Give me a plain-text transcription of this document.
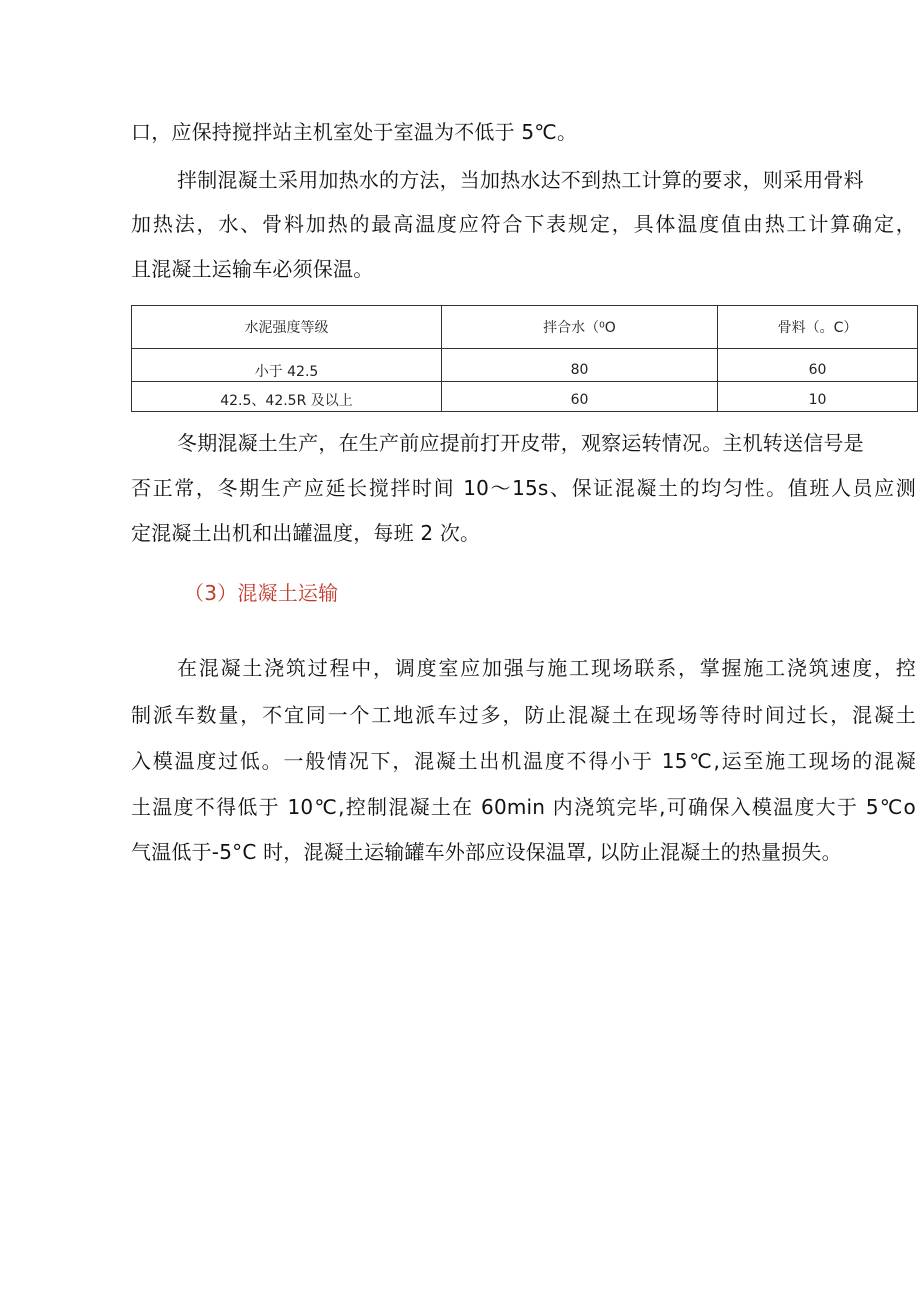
口，应保持搅拌站主机室处于室温为不低于 5℃。
拌制混凝土采用加热水的方法，当加热水达不到热工计算的要求，则采用骨料
加热法，水、骨料加热的最高温度应符合下表规定，具体温度值由热工计算确定，
且混凝土运输车必须保温。
水泥强度等级	拌合水（⁰O	骨料（。C）
小于 42.5	80	60

42.5、42.5R 及以上	60	10
冬期混凝土生产，在生产前应提前打开皮带，观察运转情况。主机转送信号是
否正常，冬期生产应延长搅拌时间 10～15s、保证混凝土的均匀性。值班人员应测
定混凝土出机和出罐温度，每班 2 次。
（3）混凝土运输
在混凝土浇筑过程中，调度室应加强与施工现场联系，掌握施工浇筑速度，控
制派车数量，不宜同一个工地派车过多，防止混凝土在现场等待时间过长，混凝土
入模温度过低。一般情况下，混凝土出机温度不得小于 15℃,运至施工现场的混凝
土温度不得低于 10℃,控制混凝土在 60min 内浇筑完毕,可确保入模温度大于 5℃o
气温低于-5°C 时，混凝土运输罐车外部应设保温罩, 以防止混凝土的热量损失。
